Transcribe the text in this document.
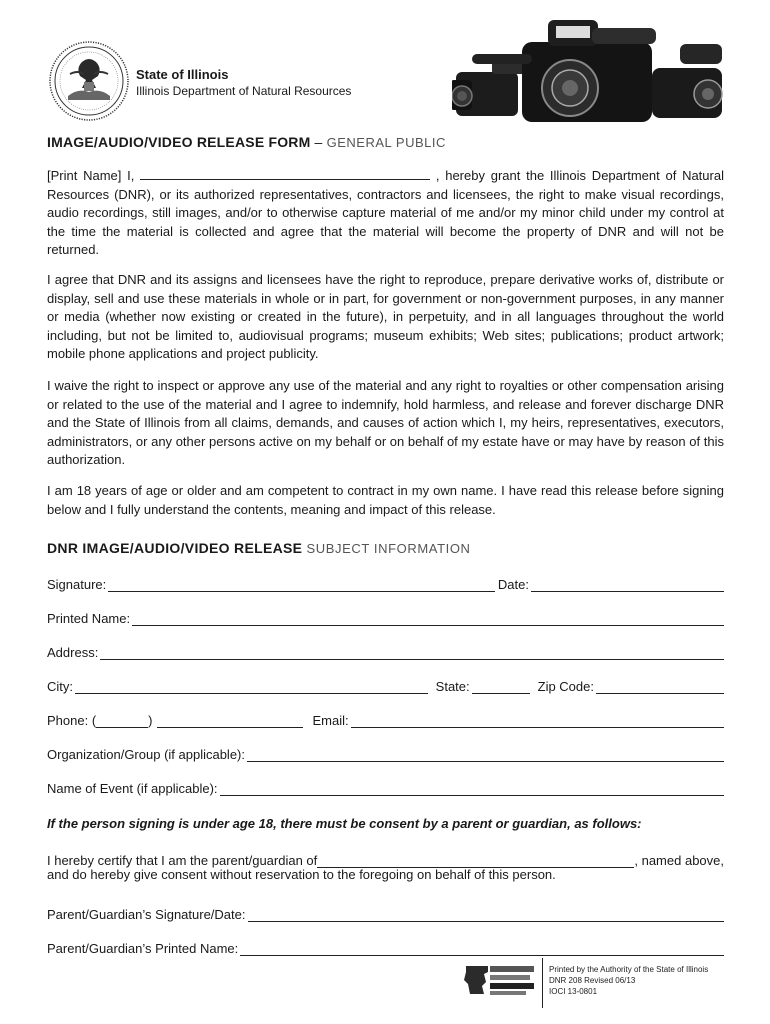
State of Illinois
Illinois Department of Natural Resources
IMAGE/AUDIO/VIDEO RELEASE FORM – GENERAL PUBLIC

[Print Name] I,	, hereby grant the Illinois Department of Natural Resources (DNR), or its authorized representatives, contractors and licensees, the right to make visual recordings, audio recordings, still images, and/or to otherwise capture material of me and/or my minor child under my control at the time the material is collected and agree that the material will become the property of DNR and will not be returned.

I agree that DNR and its assigns and licensees have the right to reproduce, prepare derivative works of, distribute or display, sell and use these materials in whole or in part, for government or non-government purposes, in any manner or media (whether now existing or created in the future), in perpetuity, and in all languages throughout the world including, but not be limited to, audiovisual programs; museum exhibits; Web sites; publications; product artwork; mobile phone applications and project publicity.

I waive the right to inspect or approve any use of the material and any right to royalties or other compensation arising or related to the use of the material and I agree to indemnify, hold harmless, and release and forever discharge DNR and the State of Illinois from all claims, demands, and causes of action which I, my heirs, representatives, executors, administrators, or any other persons active on my behalf or on behalf of my estate have or may have by reason of this authorization.

I am 18 years of age or older and am competent to contract in my own name. I have read this release before signing below and I fully understand the contents, meaning and impact of this release.

DNR IMAGE/AUDIO/VIDEO RELEASE SUBJECT INFORMATION
Signature:	Date:
Printed Name:
Address:
City:	State:	Zip Code:
Phone: (	)	Email:
Organization/Group (if applicable):
Name of Event (if applicable):
If the person signing is under age 18, there must be consent by a parent or guardian, as follows:
I hereby certify that I am the parent/guardian of	, named above,
and do hereby give consent without reservation to the foregoing on behalf of this person.
Parent/Guardian’s Signature/Date:
Parent/Guardian’s Printed Name:
Printed by the Authority of the State of Illinois
DNR 208 Revised 06/13
IOCI 13-0801
